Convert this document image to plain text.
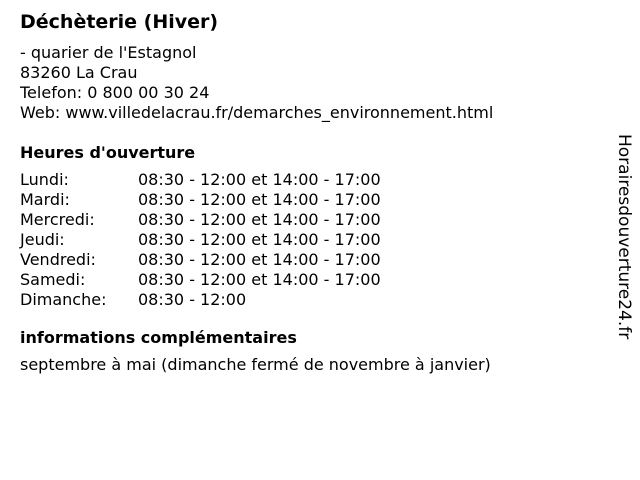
Déchèterie (Hiver)
- quarier de l'Estagnol
83260 La Crau
Telefon: 0 800 00 30 24
Web: www.villedelacrau.fr/demarches_environnement.html
Heures d'ouverture
Lundi:	08:30 - 12:00 et 14:00 - 17:00
Mardi:	08:30 - 12:00 et 14:00 - 17:00
Mercredi:	08:30 - 12:00 et 14:00 - 17:00
Jeudi:	08:30 - 12:00 et 14:00 - 17:00
Vendredi:	08:30 - 12:00 et 14:00 - 17:00
Samedi:	08:30 - 12:00 et 14:00 - 17:00
Dimanche:	08:30 - 12:00
informations complémentaires
septembre à mai (dimanche fermé de novembre à janvier)
Horairesdouverture24.fr
